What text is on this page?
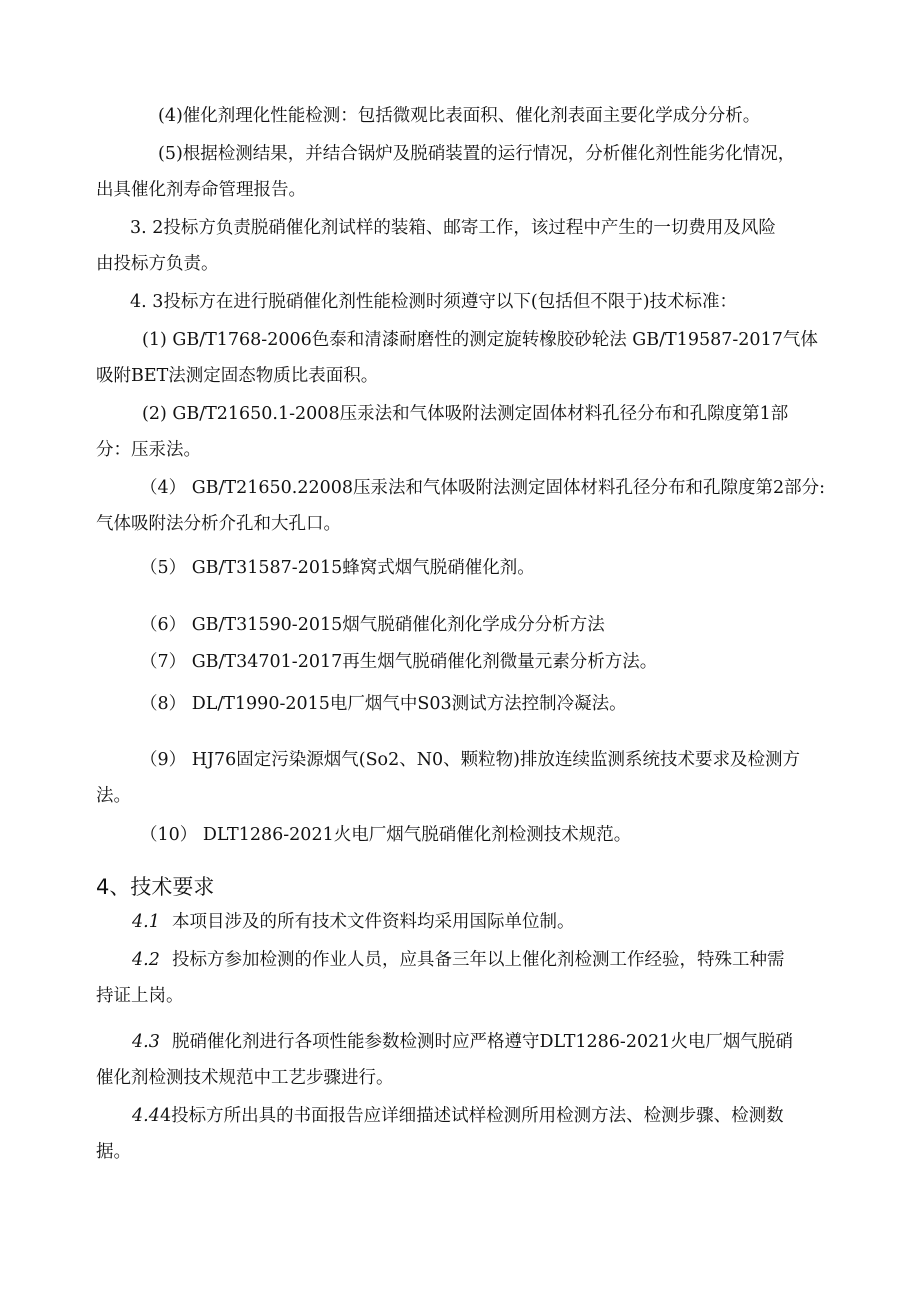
(4)催化剂理化性能检测：包括微观比表面积、催化剂表面主要化学成分分析。
(5)根据检测结果，并结合锅炉及脱硝装置的运行情况，分析催化剂性能劣化情况，
出具催化剂寿命管理报告。
3. 2投标方负责脱硝催化剂试样的装箱、邮寄工作，该过程中产生的一切费用及风险
由投标方负责。
4. 3投标方在进行脱硝催化剂性能检测时须遵守以下(包括但不限于)技术标准：
(1) GB/T1768-2006色泰和清漆耐磨性的测定旋转橡胶砂轮法 GB/T19587-2017气体
吸附BET法测定固态物质比表面积。
(2) GB/T21650.1-2008压汞法和气体吸附法测定固体材料孔径分布和孔隙度第1部
分：压汞法。
（4） GB/T21650.22008压汞法和气体吸附法测定固体材料孔径分布和孔隙度第2部分:
气体吸附法分析介孔和大孔口。
（5） GB/T31587-2015蜂窝式烟气脱硝催化剂。
（6） GB/T31590-2015烟气脱硝催化剂化学成分分析方法
（7） GB/T34701-2017再生烟气脱硝催化剂微量元素分析方法。
（8） DL/T1990-2015电厂烟气中S03测试方法控制冷凝法。
（9） HJ76固定污染源烟气(So2、N0、颗粒物)排放连续监测系统技术要求及检测方
法。
（10） DLT1286-2021火电厂烟气脱硝催化剂检测技术规范。
4、技术要求
4.1 本项目涉及的所有技术文件资料均采用国际单位制。
4.2 投标方参加检测的作业人员，应具备三年以上催化剂检测工作经验，特殊工种需
持证上岗。
4.3 脱硝催化剂进行各项性能参数检测时应严格遵守DLT1286-2021火电厂烟气脱硝
催化剂检测技术规范中工艺步骤进行。
4.4 4投标方所出具的书面报告应详细描述试样检测所用检测方法、检测步骤、检测数
据。
